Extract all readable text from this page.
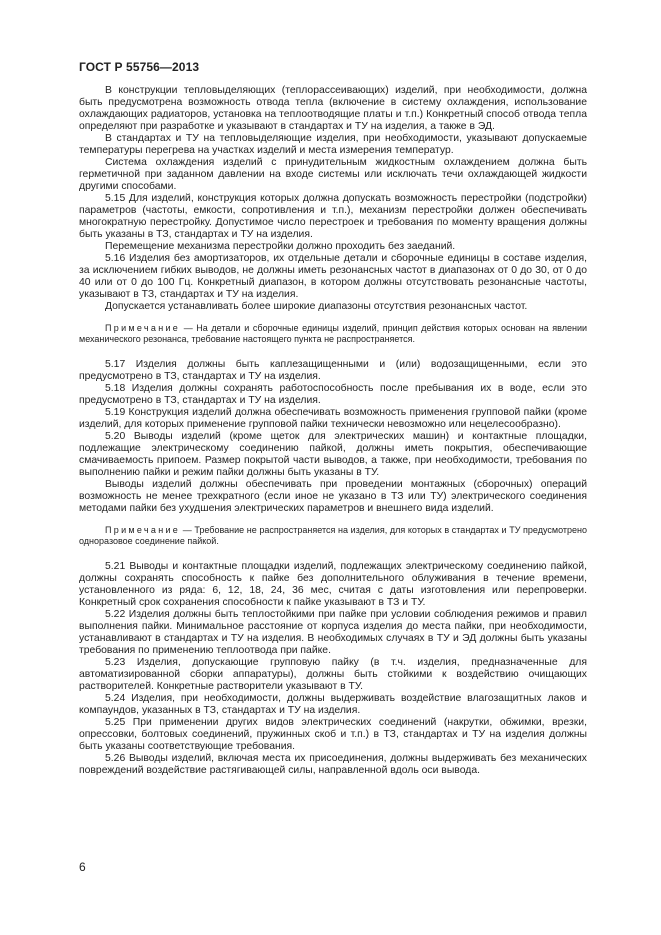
ГОСТ Р 55756—2013

В конструкции тепловыделяющих (теплорассеивающих) изделий, при необходимости, должна быть предусмотрена возможность отвода тепла (включение в систему охлаждения, использование охлаждающих радиаторов, установка на теплоотводящие платы и т.п.) Конкретный способ отвода тепла определяют при разработке и указывают в стандартах и ТУ на изделия, а также в ЭД.

В стандартах и ТУ на тепловыделяющие изделия, при необходимости, указывают допускаемые температуры перегрева на участках изделий и места измерения температур.

Система охлаждения изделий с принудительным жидкостным охлаждением должна быть герметичной при заданном давлении на входе системы или исключать течи охлаждающей жидкости другими способами.

5.15 Для изделий, конструкция которых должна допускать возможность перестройки (подстройки) параметров (частоты, емкости, сопротивления и т.п.), механизм перестройки должен обеспечивать многократную перестройку. Допустимое число перестроек и требования по моменту вращения должны быть указаны в ТЗ, стандартах и ТУ на изделия.

Перемещение механизма перестройки должно проходить без заеданий.

5.16 Изделия без амортизаторов, их отдельные детали и сборочные единицы в составе изделия, за исключением гибких выводов, не должны иметь резонансных частот в диапазонах от 0 до 30, от 0 до 40 или от 0 до 100 Гц. Конкретный диапазон, в котором должны отсутствовать резонансные частоты, указывают в ТЗ, стандартах и ТУ на изделия.

Допускается устанавливать более широкие диапазоны отсутствия резонансных частот.

Примечание — На детали и сборочные единицы изделий, принцип действия которых основан на явлении механического резонанса, требование настоящего пункта не распространяется.

5.17 Изделия должны быть каплезащищенными и (или) водозащищенными, если это предусмотрено в ТЗ, стандартах и ТУ на изделия.

5.18 Изделия должны сохранять работоспособность после пребывания их в воде, если это предусмотрено в ТЗ, стандартах и ТУ на изделия.

5.19 Конструкция изделий должна обеспечивать возможность применения групповой пайки (кроме изделий, для которых применение групповой пайки технически невозможно или нецелесообразно).

5.20 Выводы изделий (кроме щеток для электрических машин) и контактные площадки, подлежащие электрическому соединению пайкой, должны иметь покрытия, обеспечивающие смачиваемость припоем. Размер покрытой части выводов, а также, при необходимости, требования по выполнению пайки и режим пайки должны быть указаны в ТУ.

Выводы изделий должны обеспечивать при проведении монтажных (сборочных) операций возможность не менее трехкратного (если иное не указано в ТЗ или ТУ) электрического соединения методами пайки без ухудшения электрических параметров и внешнего вида изделий.

Примечание — Требование не распространяется на изделия, для которых в стандартах и ТУ предусмотрено одноразовое соединение пайкой.

5.21 Выводы и контактные площадки изделий, подлежащих электрическому соединению пайкой, должны сохранять способность к пайке без дополнительного облуживания в течение времени, установленного из ряда: 6, 12, 18, 24, 36 мес, считая с даты изготовления или перепроверки. Конкретный срок сохранения способности к пайке указывают в ТЗ и ТУ.

5.22 Изделия должны быть теплостойкими при пайке при условии соблюдения режимов и правил выполнения пайки. Минимальное расстояние от корпуса изделия до места пайки, при необходимости, устанавливают в стандартах и ТУ на изделия. В необходимых случаях в ТУ и ЭД должны быть указаны требования по применению теплоотвода при пайке.

5.23 Изделия, допускающие групповую пайку (в т.ч. изделия, предназначенные для автоматизированной сборки аппаратуры), должны быть стойкими к воздействию очищающих растворителей. Конкретные растворители указывают в ТУ.

5.24 Изделия, при необходимости, должны выдерживать воздействие влагозащитных лаков и компаундов, указанных в ТЗ, стандартах и ТУ на изделия.

5.25 При применении других видов электрических соединений (накрутки, обжимки, врезки, опрессовки, болтовых соединений, пружинных скоб и т.п.) в ТЗ, стандартах и ТУ на изделия должны быть указаны соответствующие требования.

5.26 Выводы изделий, включая места их присоединения, должны выдерживать без механических повреждений воздействие растягивающей силы, направленной вдоль оси вывода.

6
